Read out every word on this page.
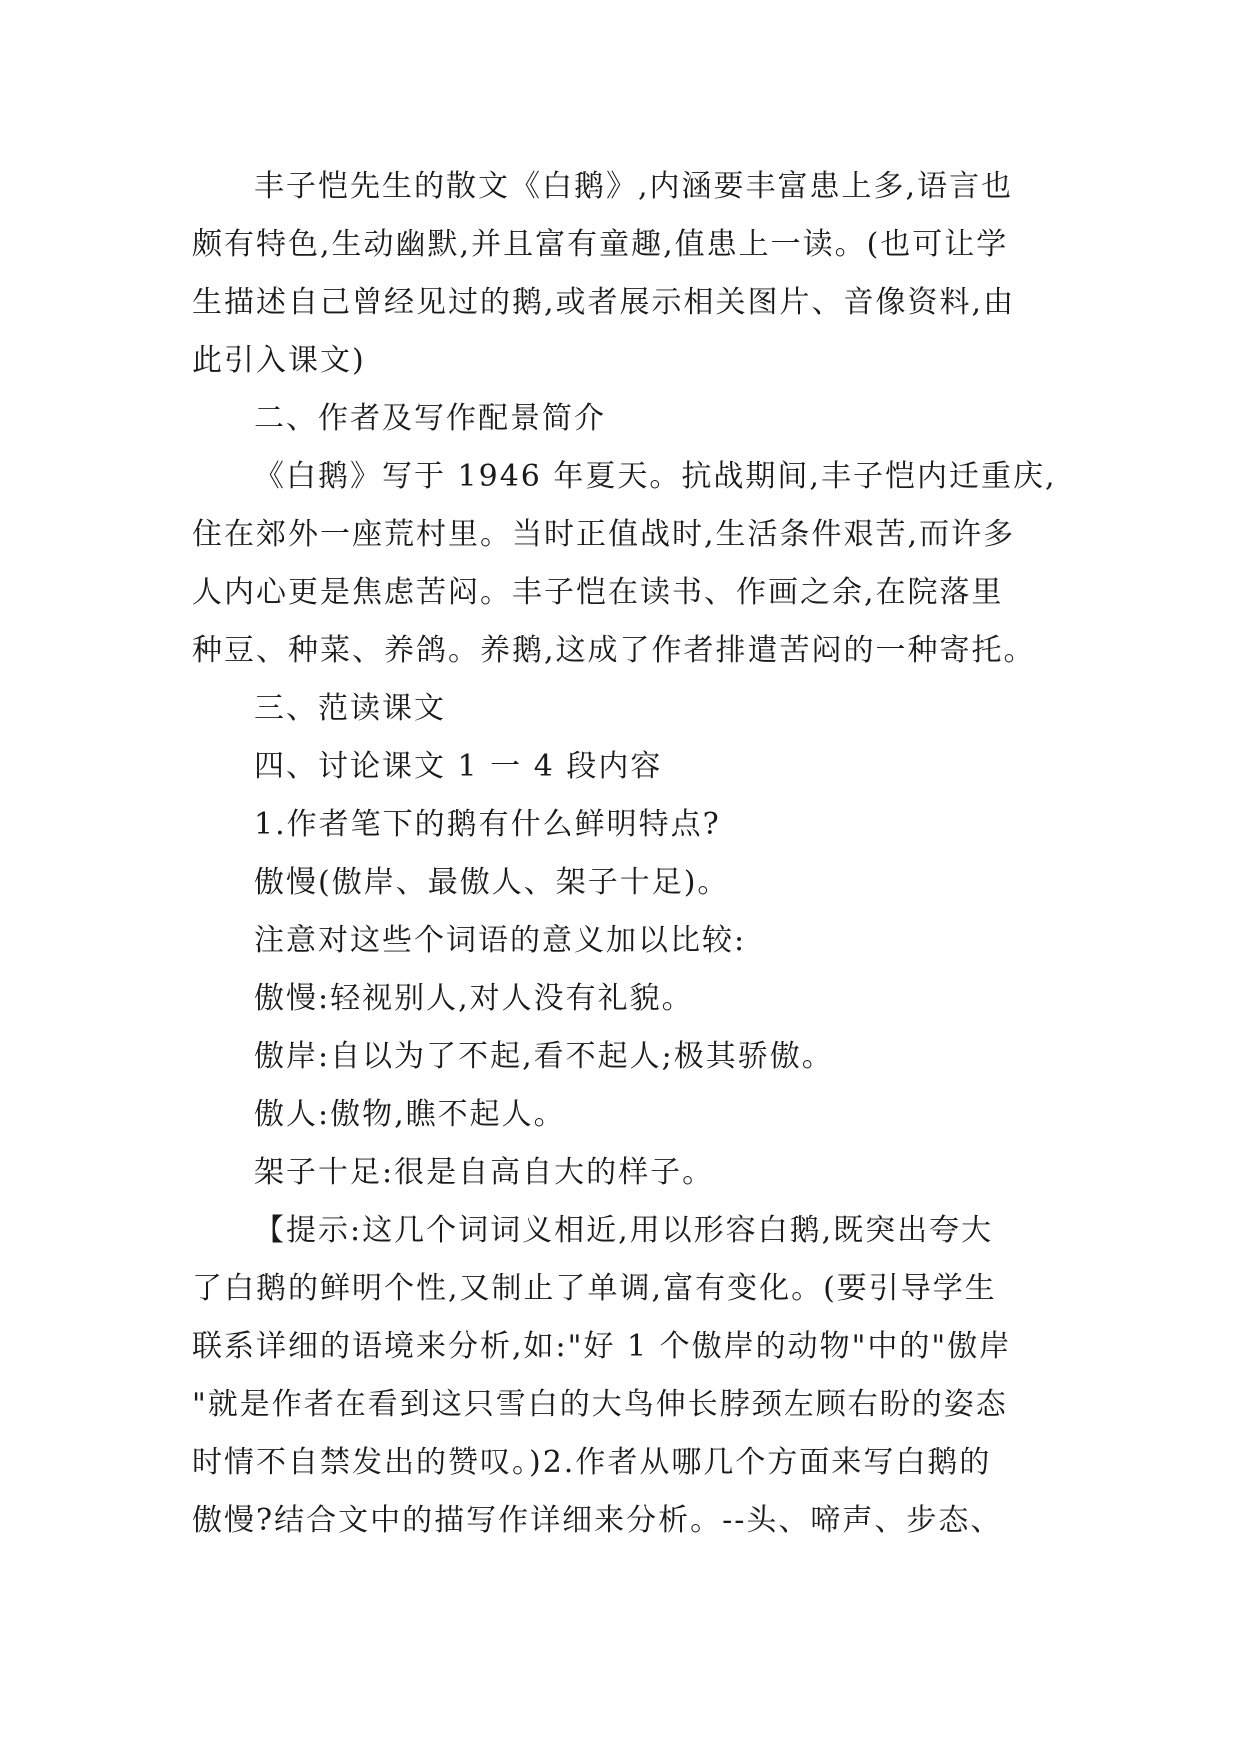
丰子恺先生的散文《白鹅》,内涵要丰富患上多,语言也
颇有特色,生动幽默,并且富有童趣,值患上一读。(也可让学
生描述自己曾经见过的鹅,或者展示相关图片、音像资料,由
此引入课文)
二、作者及写作配景简介
《白鹅》写于 1946 年夏天。抗战期间,丰子恺内迁重庆,
住在郊外一座荒村里。当时正值战时,生活条件艰苦,而许多
人内心更是焦虑苦闷。丰子恺在读书、作画之余,在院落里
种豆、种菜、养鸽。养鹅,这成了作者排遣苦闷的一种寄托。
三、范读课文
四、讨论课文 1 一 4 段内容
1.作者笔下的鹅有什么鲜明特点?
傲慢(傲岸、最傲人、架子十足)。
注意对这些个词语的意义加以比较:
傲慢:轻视别人,对人没有礼貌。
傲岸:自以为了不起,看不起人;极其骄傲。
傲人:傲物,瞧不起人。
架子十足:很是自高自大的样子。
【提示:这几个词词义相近,用以形容白鹅,既突出夸大
了白鹅的鲜明个性,又制止了单调,富有变化。(要引导学生
联系详细的语境来分析,如:"好 1 个傲岸的动物"中的"傲岸
"就是作者在看到这只雪白的大鸟伸长脖颈左顾右盼的姿态
时情不自禁发出的赞叹。)2.作者从哪几个方面来写白鹅的
傲慢?结合文中的描写作详细来分析。--头、啼声、步态、
